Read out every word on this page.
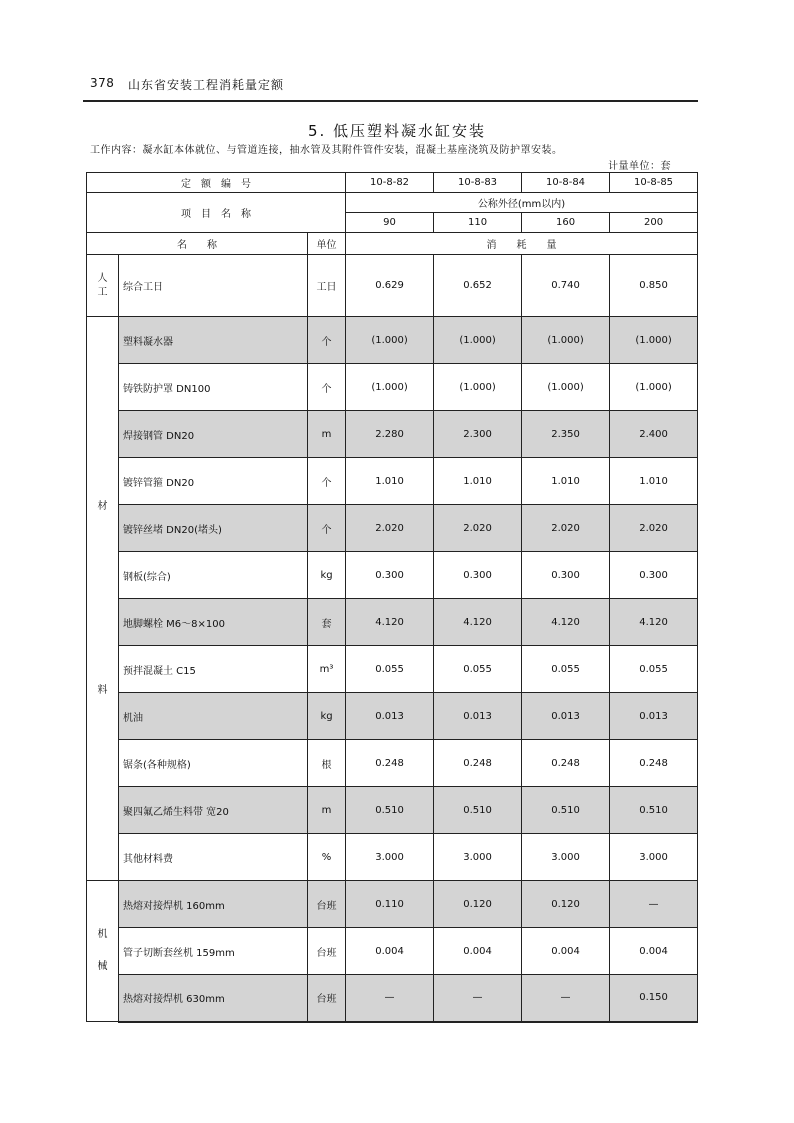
378 山东省安装工程消耗量定额
5. 低压塑料凝水缸安装
工作内容：凝水缸本体就位、与管道连接，抽水管及其附件管件安装，混凝土基座浇筑及防护罩安装。
计量单位：套
定　额　编　号			10-8-82	10-8-83	10-8-84	10-8-85
项　目　名　称			公称外径(mm以内)			
			90	110	160	200
名　　称		单位	消　　耗　　量			
人工	综合工日	工日	0.629	0.652	0.740	0.850

材
料	塑料凝水器	个	(1.000)	(1.000)	(1.000)	(1.000)
	铸铁防护罩 DN100	个	(1.000)	(1.000)	(1.000)	(1.000)
	焊接钢管 DN20	m	2.280	2.300	2.350	2.400
	镀锌管箍 DN20	个	1.010	1.010	1.010	1.010
	镀锌丝堵 DN20(堵头)	个	2.020	2.020	2.020	2.020
	钢板(综合)	kg	0.300	0.300	0.300	0.300
	地脚螺栓 M6～8×100	套	4.120	4.120	4.120	4.120
	预拌混凝土 C15	m³	0.055	0.055	0.055	0.055
	机油	kg	0.013	0.013	0.013	0.013
	锯条(各种规格)	根	0.248	0.248	0.248	0.248
	聚四氟乙烯生料带 宽20	m	0.510	0.510	0.510	0.510
	其他材料费	%	3.000	3.000	3.000	3.000

机
械	热熔对接焊机 160mm	台班	0.110	0.120	0.120	—
	管子切断套丝机 159mm	台班	0.004	0.004	0.004	0.004
	热熔对接焊机 630mm	台班	—	—	—	0.150
